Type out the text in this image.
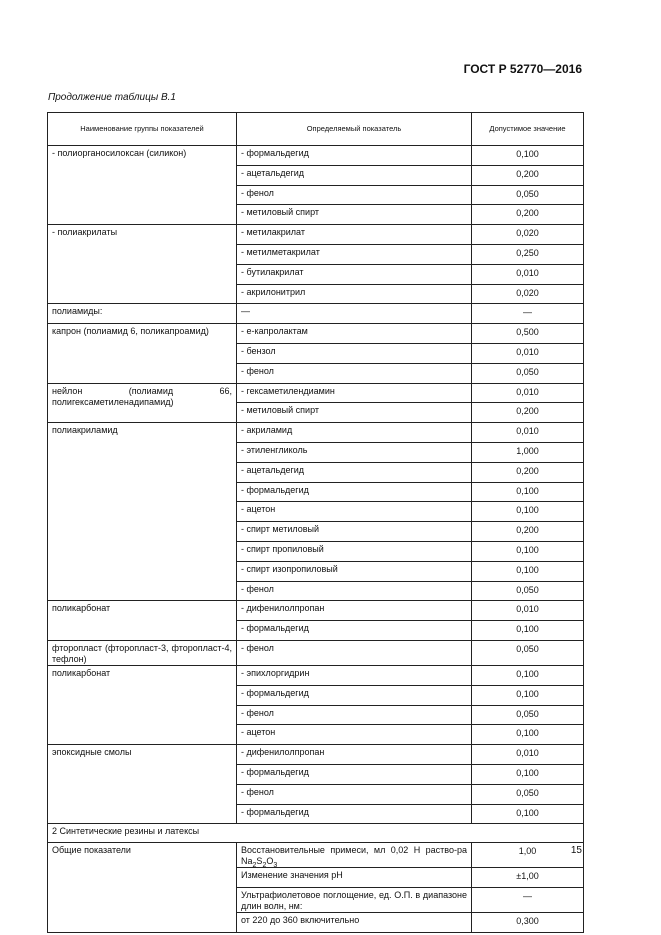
ГОСТ Р 52770—2016
Продолжение таблицы В.1
Наименование группы показателей	Определяемый показатель	Допустимое значение
- полиорганосилоксан (силикон)	- формальдегид	0,100
	- ацетальдегид	0,200
	- фенол	0,050
	- метиловый спирт	0,200
- полиакрилаты	- метилакрилат	0,020
	- метилметакрилат	0,250
	- бутилакрилат	0,010
	- акрилонитрил	0,020
полиамиды:	—	—
капрон (полиамид 6, поликапроамид)	- e-капролактам	0,500
	- бензол	0,010
	- фенол	0,050
нейлон (полиамид 66, полигексаметиленадипамид)	- гексаметилендиамин	0,010
	- метиловый спирт	0,200
полиакриламид	- акриламид	0,010
	- этиленгликоль	1,000
	- ацетальдегид	0,200
	- формальдегид	0,100
	- ацетон	0,100
	- спирт метиловый	0,200
	- спирт пропиловый	0,100
	- спирт изопропиловый	0,100
	- фенол	0,050
поликарбонат	- дифенилолпропан	0,010
	- формальдегид	0,100
фторопласт (фторопласт-3, фторопласт-4, тефлон)	- фенол	0,050
поликарбонат	- эпихлоргидрин	0,100
	- формальдегид	0,100
	- фенол	0,050
	- ацетон	0,100
эпоксидные смолы	- дифенилолпропан	0,010
	- формальдегид	0,100
	- фенол	0,050
	- формальдегид	0,100
2 Синтетические резины и латексы		
Общие показатели	Восстановительные примеси, мл 0,02 Н раство-ра $Na_2S_2O_3$	1,00
	Изменение значения рН	±1,00
	Ультрафиолетовое поглощение, ед. О.П. в диапазоне длин волн, нм:	—
	от 220 до 360 включительно	0,300
15
